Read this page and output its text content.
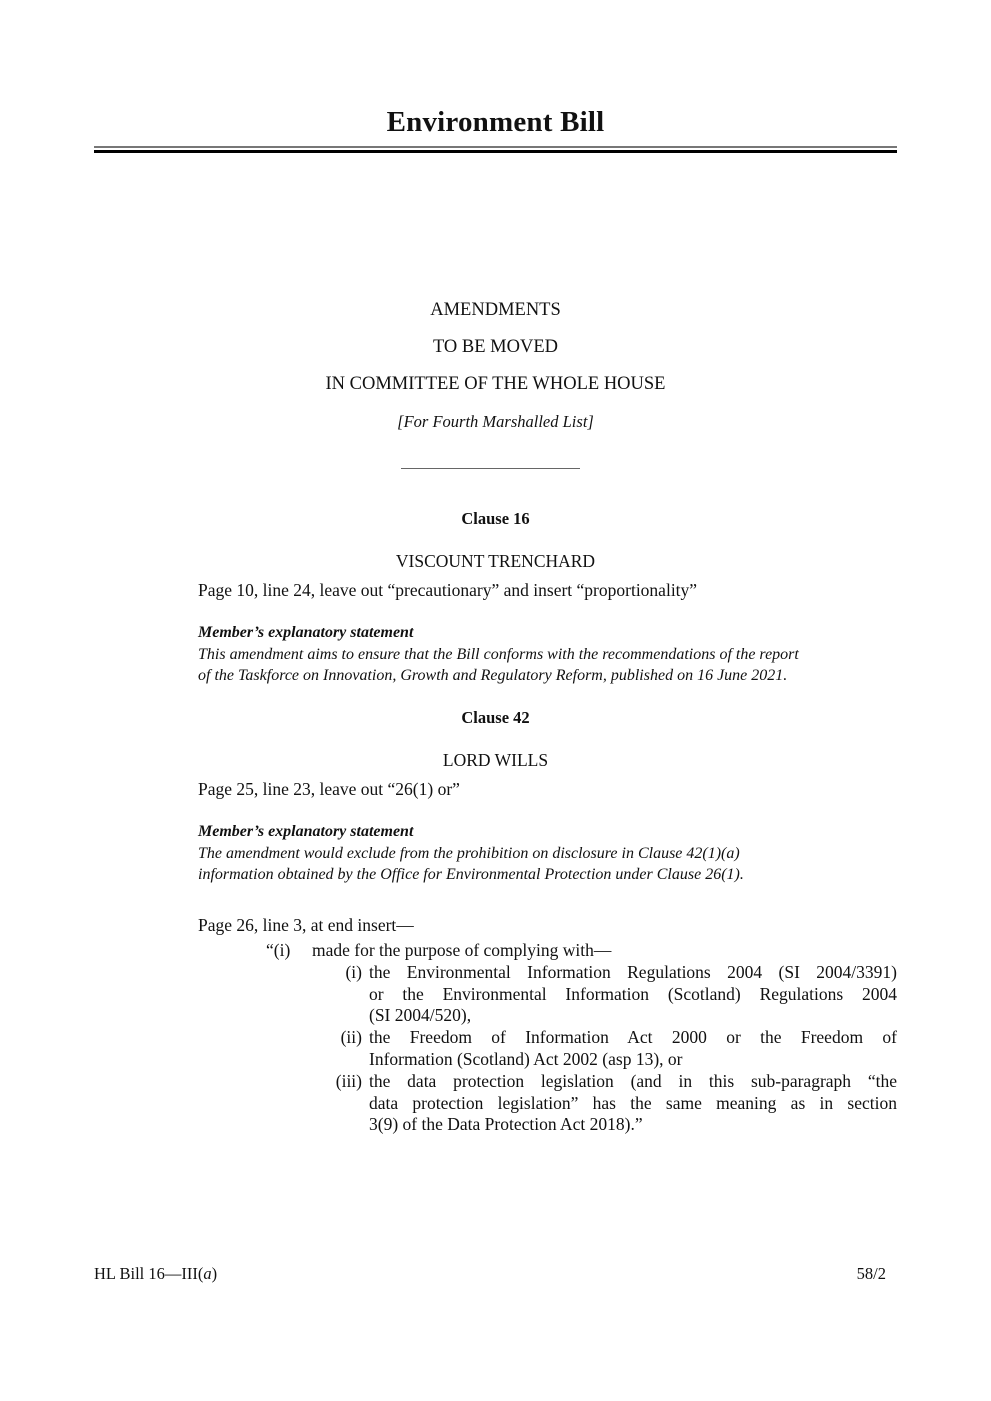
Environment Bill
AMENDMENTS
TO BE MOVED
IN COMMITTEE OF THE WHOLE HOUSE
[For Fourth Marshalled List]
Clause 16
VISCOUNT TRENCHARD
Page 10, line 24, leave out “precautionary” and insert “proportionality”
Member’s explanatory statement
This amendment aims to ensure that the Bill conforms with the recommendations of the report
of the Taskforce on Innovation, Growth and Regulatory Reform, published on 16 June 2021.
Clause 42
LORD WILLS
Page 25, line 23, leave out “26(1) or”
Member’s explanatory statement
The amendment would exclude from the prohibition on disclosure in Clause 42(1)(a)
information obtained by the Office for Environmental Protection under Clause 26(1).
Page 26, line 3, at end insert—
“(i)	made for the purpose of complying with—
(i) the Environmental Information Regulations 2004 (SI 2004/3391)
or the Environmental Information (Scotland) Regulations 2004
(SI 2004/520),
(ii) the Freedom of Information Act 2000 or the Freedom of
Information (Scotland) Act 2002 (asp 13), or
(iii) the data protection legislation (and in this sub-paragraph “the
data protection legislation” has the same meaning as in section
3(9) of the Data Protection Act 2018).”
HL Bill 16—III(a)	58/2
